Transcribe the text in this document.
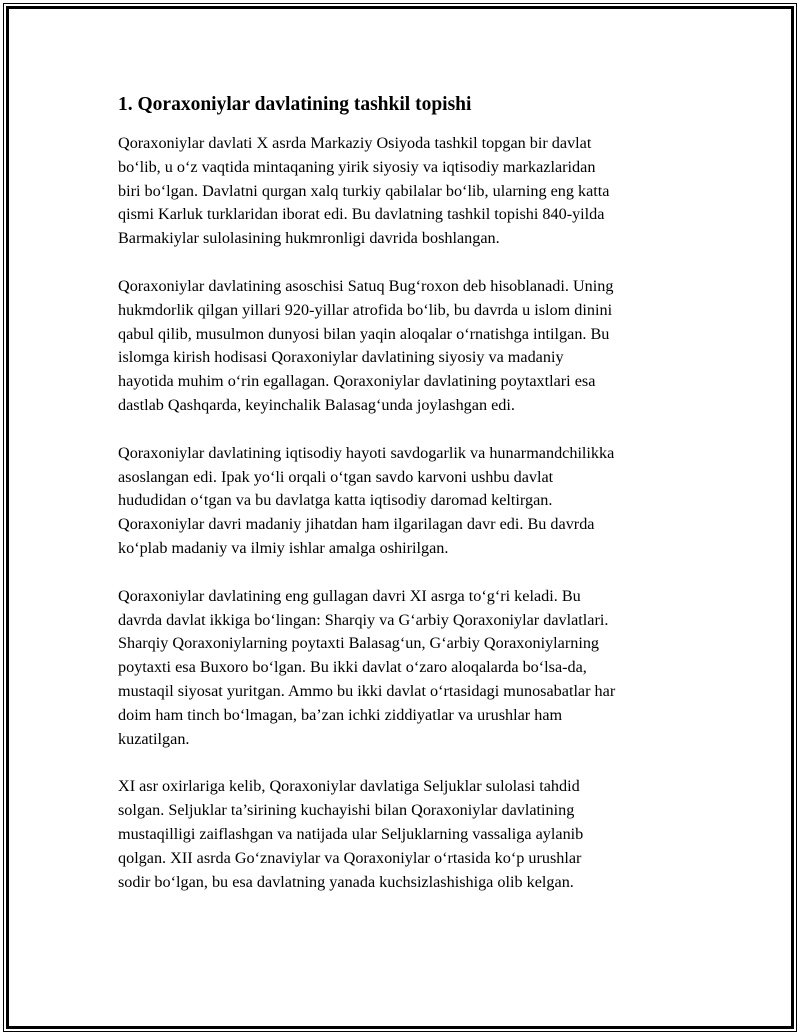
1. Qoraxoniylar davlatining tashkil topishi

Qoraxoniylar davlati X asrda Markaziy Osiyoda tashkil topgan bir davlat
bo‘lib, u o‘z vaqtida mintaqaning yirik siyosiy va iqtisodiy markazlaridan
biri bo‘lgan. Davlatni qurgan xalq turkiy qabilalar bo‘lib, ularning eng katta
qismi Karluk turklaridan iborat edi. Bu davlatning tashkil topishi 840-yilda
Barmakiylar sulolasining hukmronligi davrida boshlangan.

Qoraxoniylar davlatining asoschisi Satuq Bug‘roxon deb hisoblanadi. Uning
hukmdorlik qilgan yillari 920-yillar atrofida bo‘lib, bu davrda u islom dinini
qabul qilib, musulmon dunyosi bilan yaqin aloqalar o‘rnatishga intilgan. Bu
islomga kirish hodisasi Qoraxoniylar davlatining siyosiy va madaniy
hayotida muhim o‘rin egallagan. Qoraxoniylar davlatining poytaxtlari esa
dastlab Qashqarda, keyinchalik Balasag‘unda joylashgan edi.

Qoraxoniylar davlatining iqtisodiy hayoti savdogarlik va hunarmandchilikka
asoslangan edi. Ipak yo‘li orqali o‘tgan savdo karvoni ushbu davlat
hududidan o‘tgan va bu davlatga katta iqtisodiy daromad keltirgan.
Qoraxoniylar davri madaniy jihatdan ham ilgarilagan davr edi. Bu davrda
ko‘plab madaniy va ilmiy ishlar amalga oshirilgan.

Qoraxoniylar davlatining eng gullagan davri XI asrga to‘g‘ri keladi. Bu
davrda davlat ikkiga bo‘lingan: Sharqiy va G‘arbiy Qoraxoniylar davlatlari.
Sharqiy Qoraxoniylarning poytaxti Balasag‘un, G‘arbiy Qoraxoniylarning
poytaxti esa Buxoro bo‘lgan. Bu ikki davlat o‘zaro aloqalarda bo‘lsa-da,
mustaqil siyosat yuritgan. Ammo bu ikki davlat o‘rtasidagi munosabatlar har
doim ham tinch bo‘lmagan, ba’zan ichki ziddiyatlar va urushlar ham
kuzatilgan.

XI asr oxirlariga kelib, Qoraxoniylar davlatiga Seljuklar sulolasi tahdid
solgan. Seljuklar ta’sirining kuchayishi bilan Qoraxoniylar davlatining
mustaqilligi zaiflashgan va natijada ular Seljuklarning vassaliga aylanib
qolgan. XII asrda Go‘znaviylar va Qoraxoniylar o‘rtasida ko‘p urushlar
sodir bo‘lgan, bu esa davlatning yanada kuchsizlashishiga olib kelgan.
